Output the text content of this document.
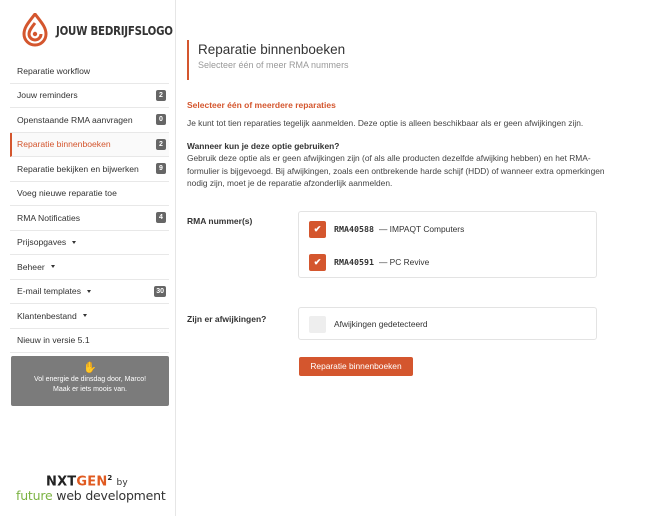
JOUW BEDRIJFSLOGO
Reparatie workflow
Jouw reminders	2
Openstaande RMA aanvragen	0
Reparatie binnenboeken	2
Reparatie bekijken en bijwerken	9
Voeg nieuwe reparatie toe
RMA Notificaties	4
Prijsopgaves
Beheer
E-mail templates	30
Klantenbestand
Nieuw in versie 5.1
✋
Vol energie de dinsdag door, Marco!
Maak er iets moois van.
NXTGEN$^2$by
future web development
Reparatie binnenboeken
Selecteer één of meer RMA nummers
Selecteer één of meerdere reparaties
Je kunt tot tien reparaties tegelijk aanmelden. Deze optie is alleen beschikbaar als er geen afwijkingen zijn.
Wanneer kun je deze optie gebruiken?
Gebruik deze optie als er geen afwijkingen zijn (of als alle producten dezelfde afwijking hebben) en het RMA-formulier is bijgevoegd. Bij afwijkingen, zoals een ontbrekende harde schijf (HDD) of wanneer extra opmerkingen nodig zijn, moet je de reparatie afzonderlijk aanmelden.
RMA nummer(s)
✔ RMA40588 — IMPAQT Computers
✔ RMA40591 — PC Revive
Zijn er afwijkingen?	Afwijkingen gedetecteerd
Reparatie binnenboeken
